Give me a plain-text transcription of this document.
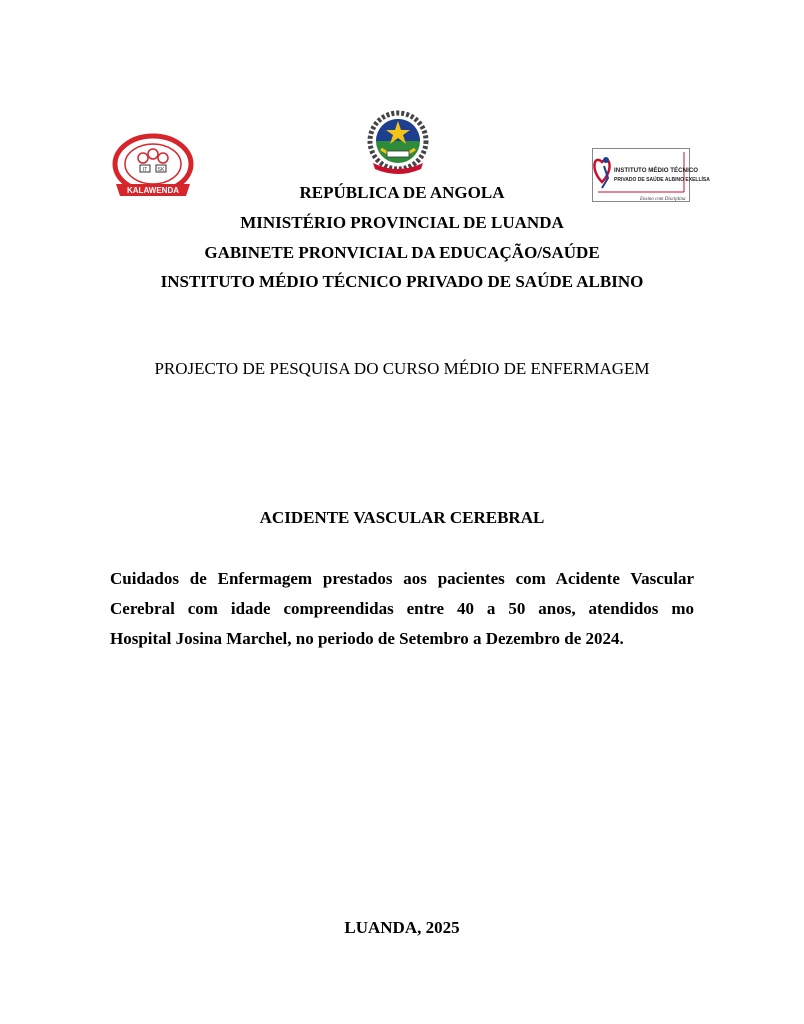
IT SK
KALAWENDA
INSTITUTO MÉDIO TÉCNICO
PRIVADO DE SAÚDE ALBINO EXELLÍSA
Ensino com Disciplina
REPÚBLICA DE ANGOLA
MINISTÉRIO PROVINCIAL DE LUANDA
GABINETE PRONVICIAL DA EDUCAÇÃO/SAÚDE
INSTITUTO MÉDIO TÉCNICO PRIVADO DE SAÚDE ALBINO
PROJECTO DE PESQUISA DO CURSO MÉDIO DE ENFERMAGEM
ACIDENTE VASCULAR CEREBRAL
Cuidados de Enfermagem prestados aos pacientes com Acidente Vascular
Cerebral com idade compreendidas entre 40 a 50 anos, atendidos mo
Hospital Josina Marchel, no periodo de Setembro a Dezembro de 2024.
LUANDA, 2025
